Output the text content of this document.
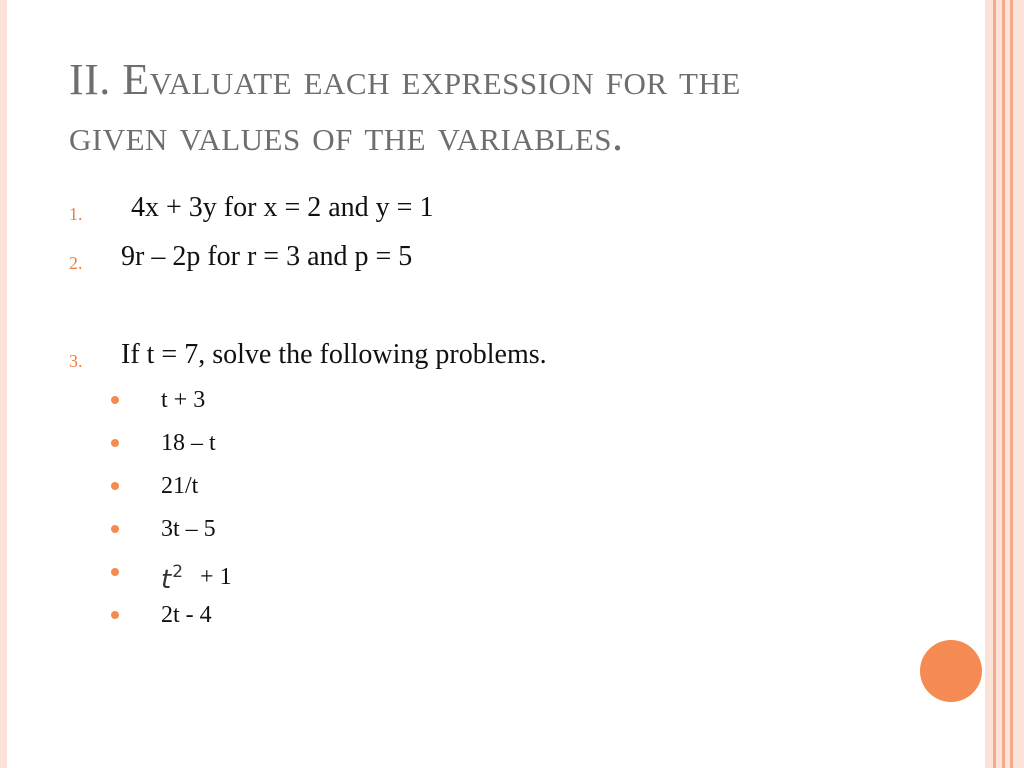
II. Evaluate each expression for the
given values of the variables.
1. 4x + 3y for x = 2 and y = 1
2. 9r – 2p for r = 3 and p = 5
3. If t = 7, solve the following problems.
t + 3
18 – t
21/t
3t – 5
$t^2 + 1$
2t - 4
